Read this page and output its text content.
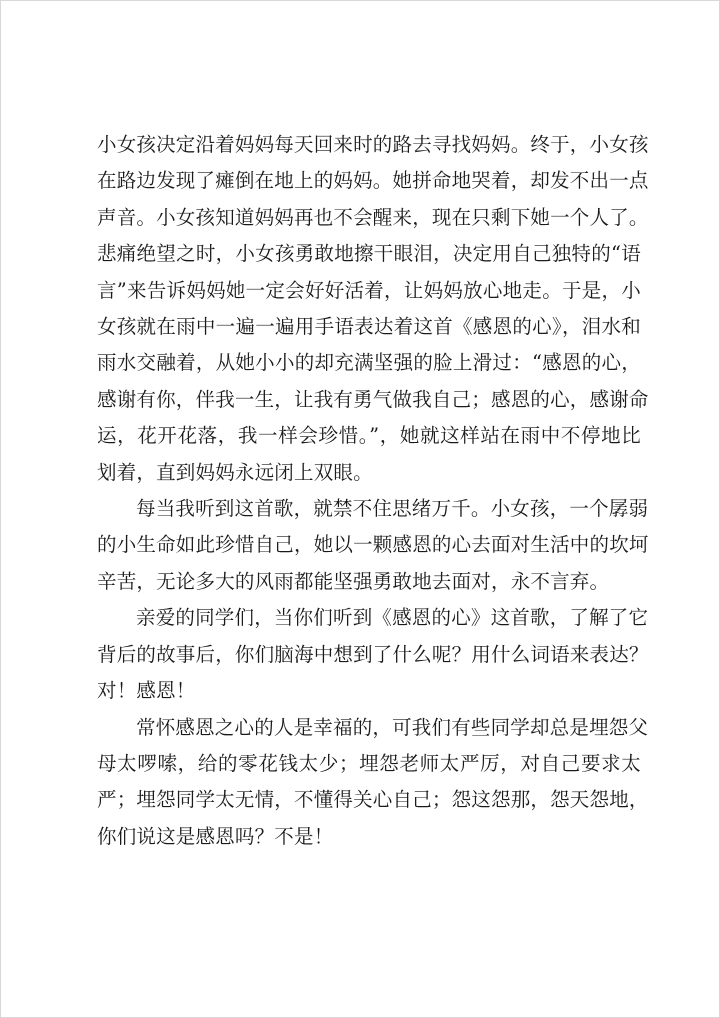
小女孩决定沿着妈妈每天回来时的路去寻找妈妈。终于，小女孩
在路边发现了瘫倒在地上的妈妈。她拼命地哭着，却发不出一点
声音。小女孩知道妈妈再也不会醒来，现在只剩下她一个人了。
悲痛绝望之时，小女孩勇敢地擦干眼泪，决定用自己独特的“语
言”来告诉妈妈她一定会好好活着，让妈妈放心地走。于是，小
女孩就在雨中一遍一遍用手语表达着这首《感恩的心》，泪水和
雨水交融着，从她小小的却充满坚强的脸上滑过：“感恩的心，
感谢有你，伴我一生，让我有勇气做我自己；感恩的心，感谢命
运，花开花落，我一样会珍惜。”，她就这样站在雨中不停地比
划着，直到妈妈永远闭上双眼。
每当我听到这首歌，就禁不住思绪万千。小女孩，一个孱弱
的小生命如此珍惜自己，她以一颗感恩的心去面对生活中的坎坷
辛苦，无论多大的风雨都能坚强勇敢地去面对，永不言弃。
亲爱的同学们，当你们听到《感恩的心》这首歌，了解了它
背后的故事后，你们脑海中想到了什么呢？用什么词语来表达？
对！感恩！
常怀感恩之心的人是幸福的，可我们有些同学却总是埋怨父
母太啰嗦，给的零花钱太少；埋怨老师太严厉，对自己要求太
严；埋怨同学太无情，不懂得关心自己；怨这怨那，怨天怨地，
你们说这是感恩吗？不是！
